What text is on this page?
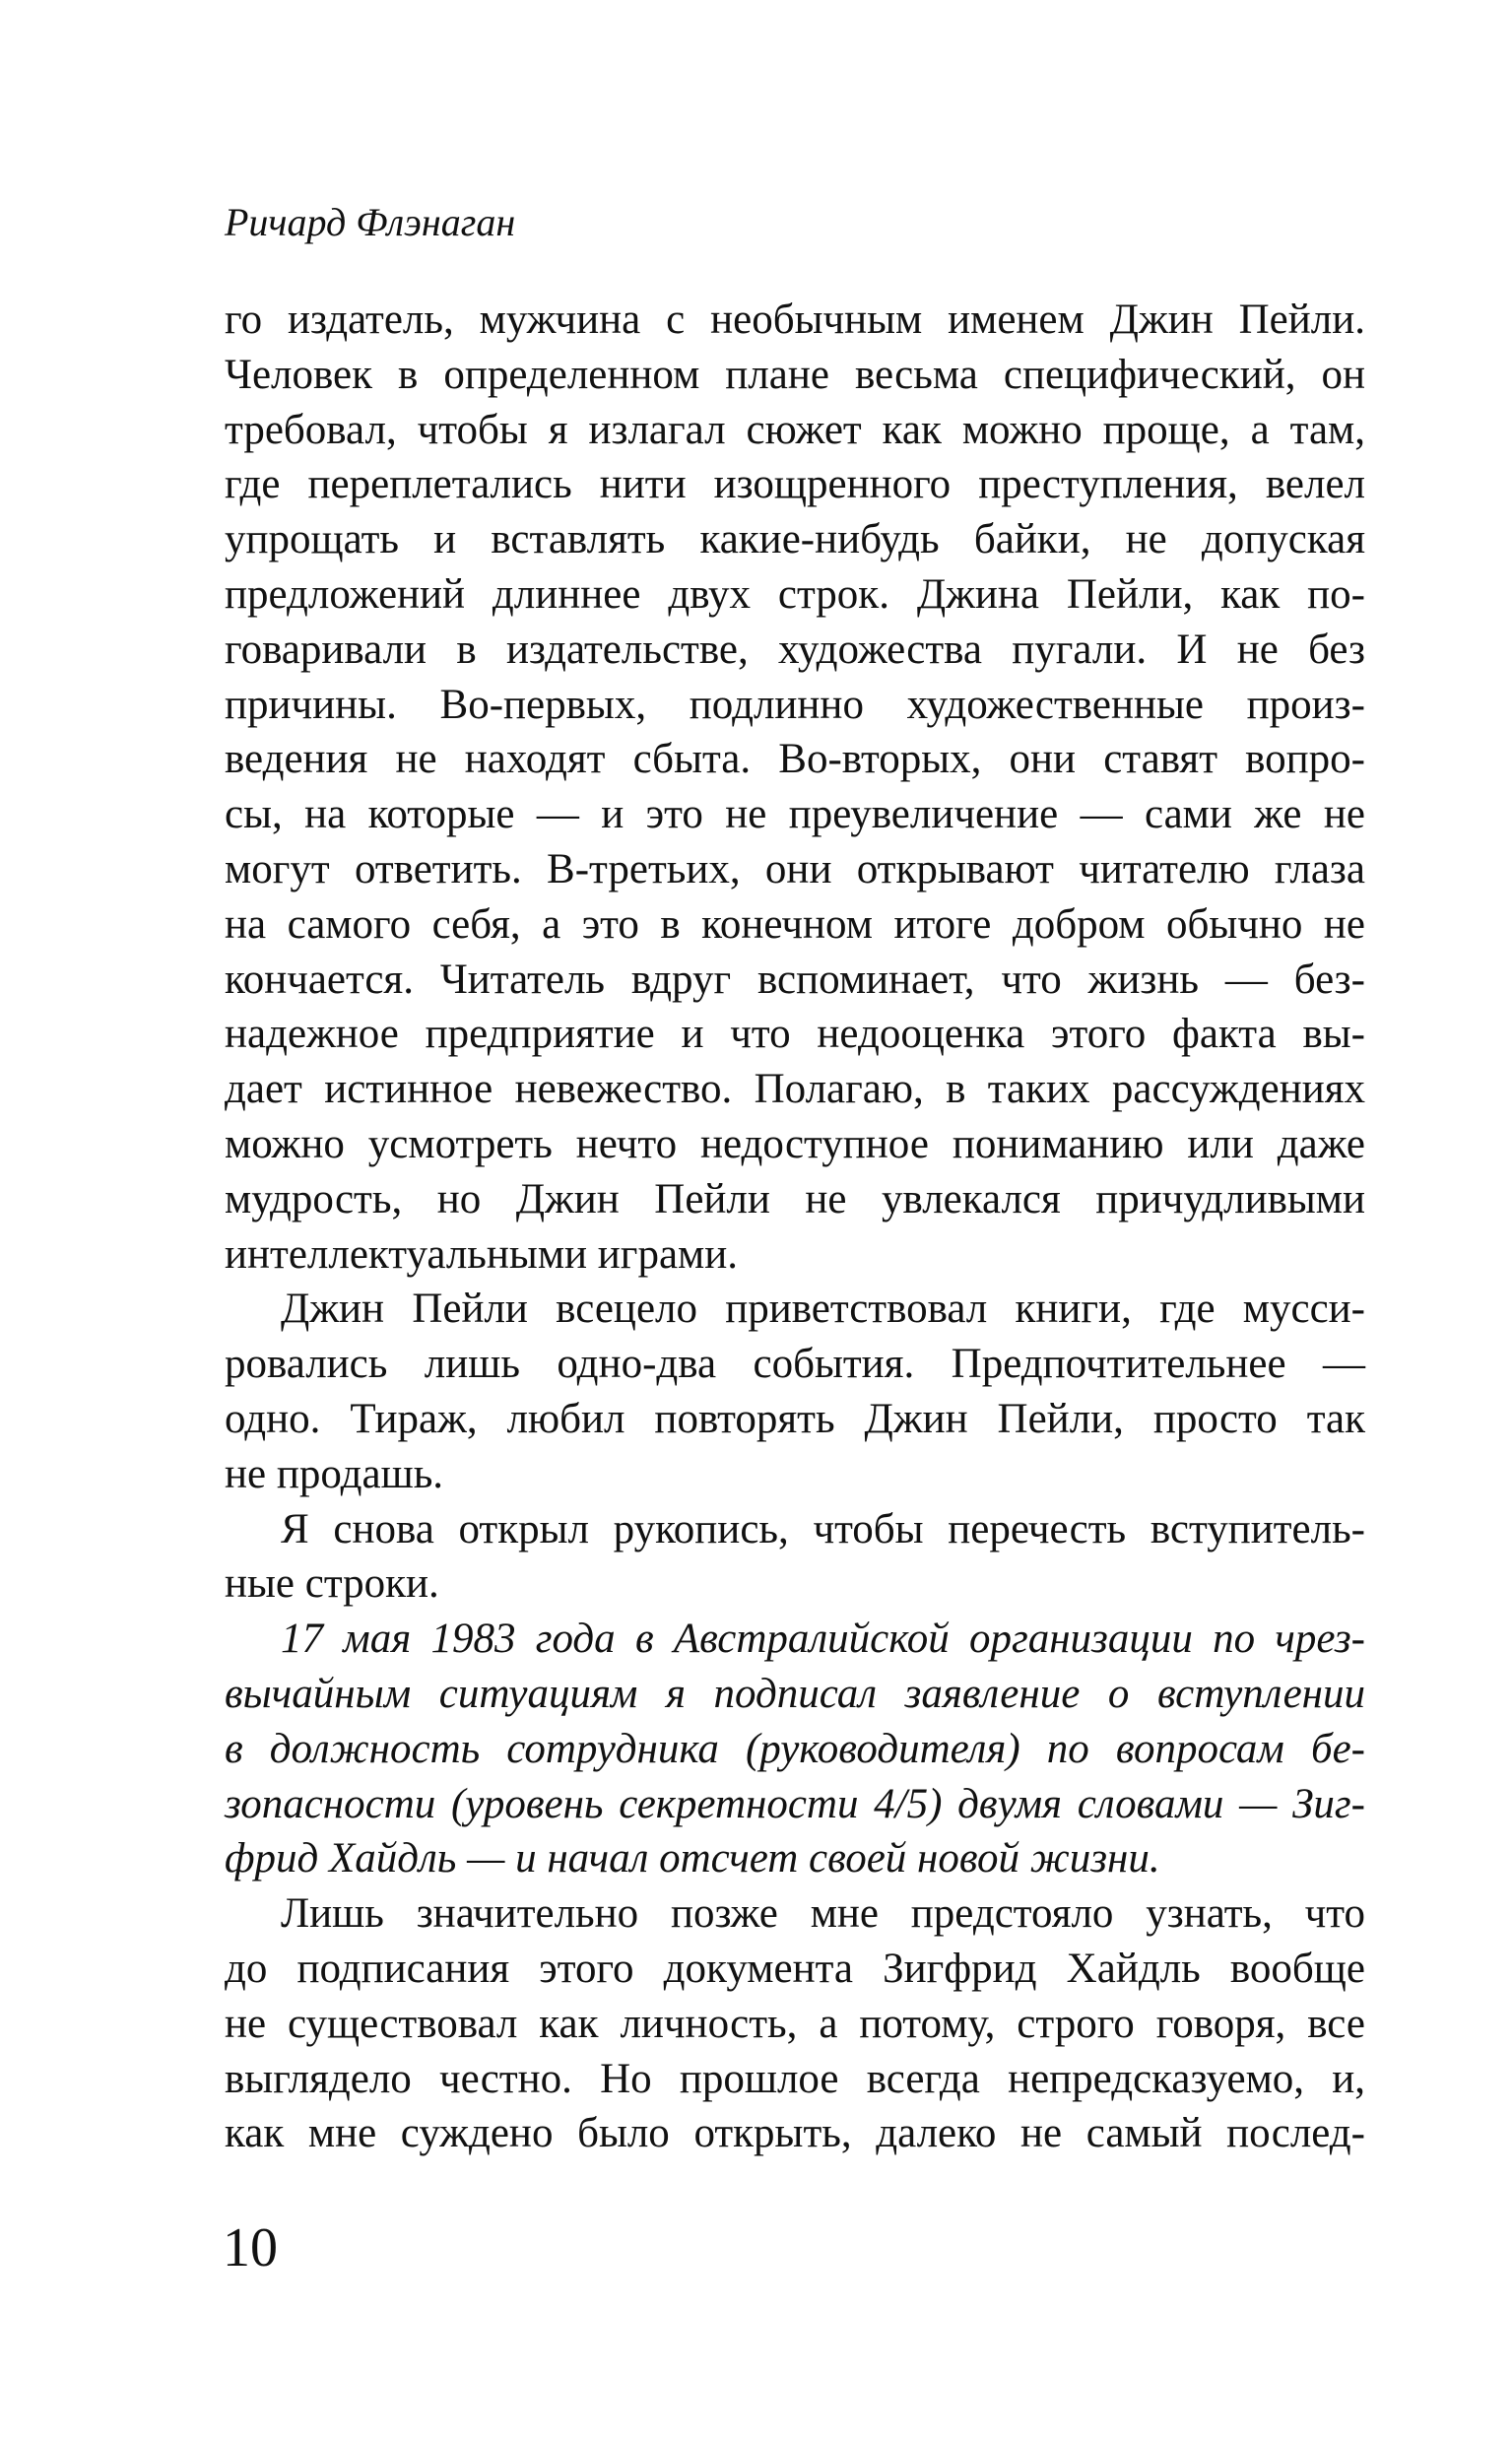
Ричард Флэнаган
го издатель, мужчина с необычным именем Джин Пейли.
Человек в определенном плане весьма специфический, он
требовал, чтобы я излагал сюжет как можно проще, а там,
где переплетались нити изощренного преступления, велел
упрощать и вставлять какие-нибудь байки, не допуская
предложений длиннее двух строк. Джина Пейли, как по-
говаривали в издательстве, художества пугали. И не без
причины. Во-первых, подлинно художественные произ-
ведения не находят сбыта. Во-вторых, они ставят вопро-
сы, на которые — и это не преувеличение — сами же не
могут ответить. В-третьих, они открывают читателю глаза
на самого себя, а это в конечном итоге добром обычно не
кончается. Читатель вдруг вспоминает, что жизнь — без-
надежное предприятие и что недооценка этого факта вы-
дает истинное невежество. Полагаю, в таких рассуждениях
можно усмотреть нечто недоступное пониманию или даже
мудрость, но Джин Пейли не увлекался причудливыми
интеллектуальными играми.
Джин Пейли всецело приветствовал книги, где мусси-
ровались лишь одно-два события. Предпочтительнее —
одно. Тираж, любил повторять Джин Пейли, просто так
не продашь.
Я снова открыл рукопись, чтобы перечесть вступитель-
ные строки.
17 мая 1983 года в Австралийской организации по чрез-
вычайным ситуациям я подписал заявление о вступлении
в должность сотрудника (руководителя) по вопросам бе-
зопасности (уровень секретности 4/5) двумя словами — Зиг-
фрид Хайдль — и начал отсчет своей новой жизни.
Лишь значительно позже мне предстояло узнать, что
до подписания этого документа Зигфрид Хайдль вообще
не существовал как личность, а потому, строго говоря, все
выглядело честно. Но прошлое всегда непредсказуемо, и,
как мне суждено было открыть, далеко не самый послед-
10
